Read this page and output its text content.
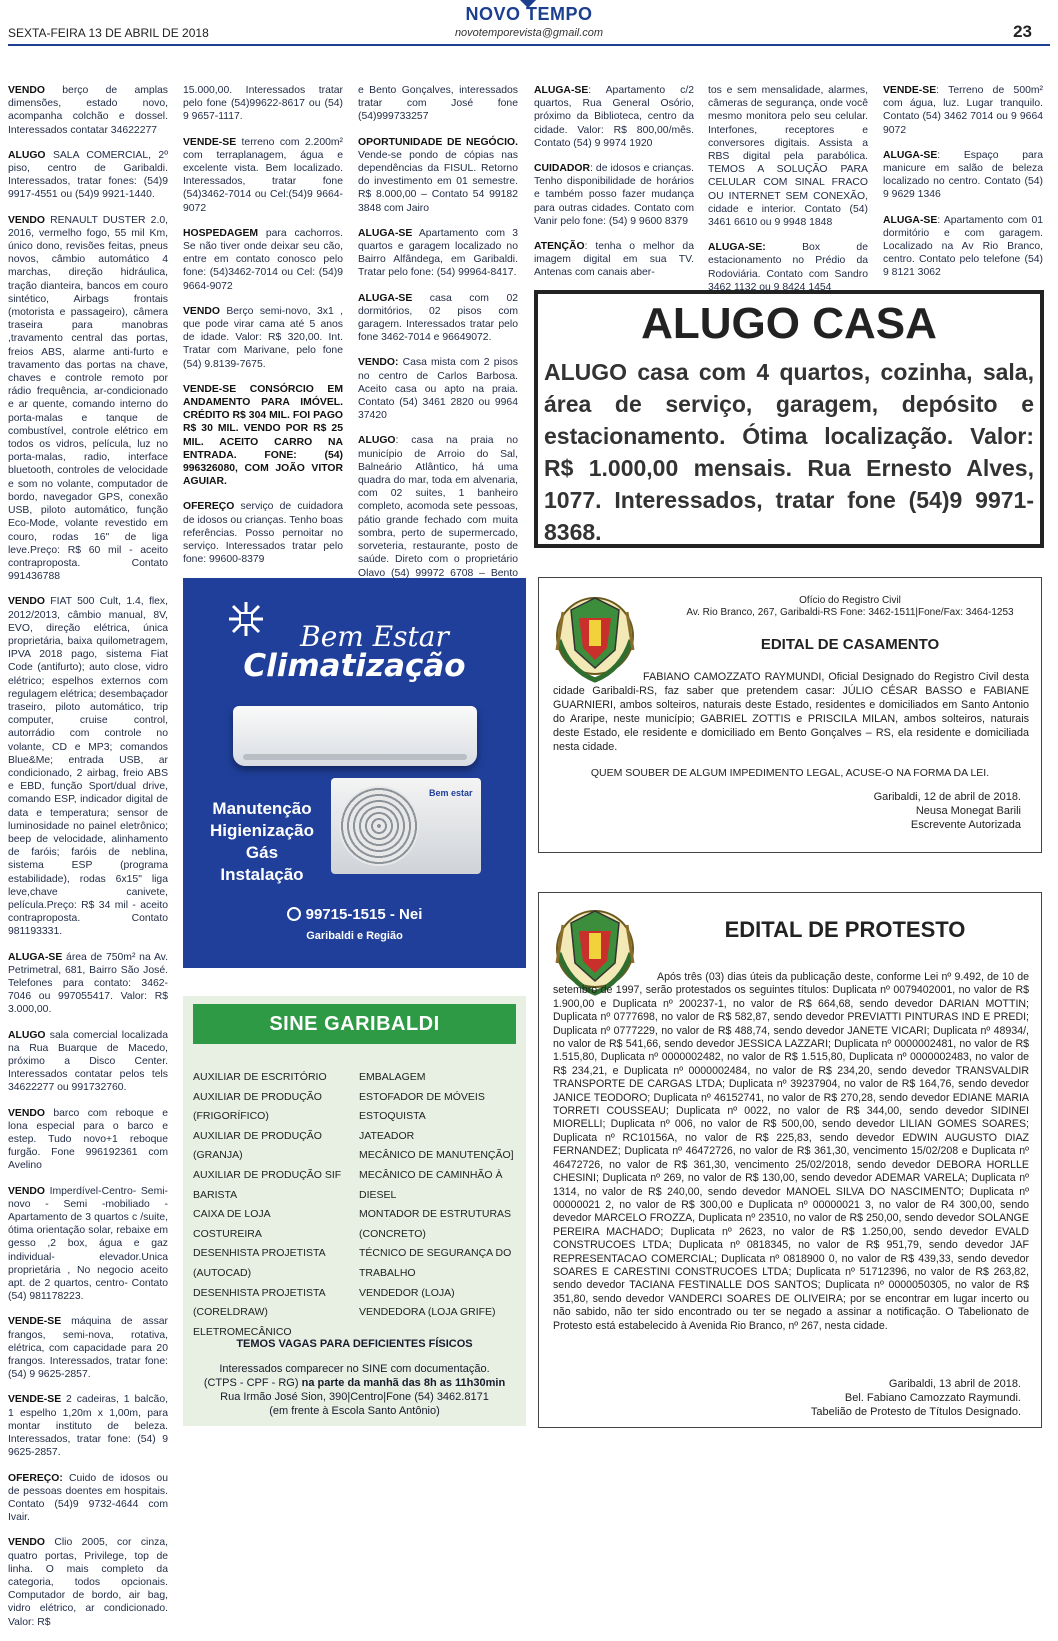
SEXTA-FEIRA 13 DE ABRIL DE 2018
NOVO TEMPO
novotemporevista@gmail.com	23

VENDO berço de amplas dimensões, estado novo, acompanha colchão e dossel. Interessados contatar 34622277

ALUGO SALA COMERCIAL, 2º piso, centro de Garibaldi. Interessados, tratar fones: (54)9 9917-4551 ou (54)9 9921-1440.

VENDO RENAULT DUSTER 2.0, 2016, vermelho fogo, 55 mil Km, único dono, revisões feitas, pneus novos, câmbio automático 4 marchas, direção hidráulica, tração dianteira, bancos em couro sintético, Airbags frontais (motorista e passageiro), câmera traseira para manobras ,travamento central das portas, freios ABS, alarme anti-furto e travamento das portas na chave, chaves e controle remoto por rádio frequência, ar-condicionado e ar quente, comando interno do porta-malas e tanque de combustível, controle elétrico em todos os vidros, película, luz no porta-malas, radio, interface bluetooth, controles de velocidade e som no volante, computador de bordo, navegador GPS, conexão USB, piloto automático, função Eco-Mode, volante revestido em couro, rodas 16" de liga leve.Preço: R$ 60 mil - aceito contraproposta. Contato 991436788

VENDO FIAT 500 Cult, 1.4, flex, 2012/2013, câmbio manual, 8V, EVO, direção elétrica, única proprietária, baixa quilometragem, IPVA 2018 pago, sistema Fiat Code (antifurto); auto close, vidro elétrico; espelhos externos com regulagem elétrica; desembaçador traseiro, piloto automático, trip computer, cruise control, autorrádio com controle no volante, CD e MP3; comandos Blue&Me; entrada USB, ar condicionado, 2 airbag, freio ABS e EBD, função Sport/dual drive, comando ESP, indicador digital de data e temperatura; sensor de luminosidade no painel eletrônico; beep de velocidade, alinhamento de faróis; faróis de neblina, sistema ESP (programa estabilidade), rodas 6x15" liga leve,chave canivete, película.Preço: R$ 34 mil - aceito contraproposta. Contato 981193331.

ALUGA-SE área de 750m² na Av. Petrimetral, 681, Bairro São José. Telefones para contato: 3462-7046 ou 997055417. Valor: R$ 3.000,00.

ALUGO sala comercial localizada na Rua Buarque de Macedo, próximo a Disco Center. Interessados contatar pelos tels 34622277 ou 991732760.

VENDO barco com reboque e lona especial para o barco e estep. Tudo novo+1 reboque furgão. Fone 996192361 com Avelino

VENDO Imperdível-Centro- Semi-novo - Semi -mobiliado -Apartamento de 3 quartos c /suite, ótima orientação solar, rebaixe em gesso ,2 box, água e gaz individual- elevador.Unica proprietária , No negocio aceito apt. de 2 quartos, centro- Contato (54) 981178223.

VENDE-SE máquina de assar frangos, semi-nova, rotativa, elétrica, com capacidade para 20 frangos. Interessados, tratar fone: (54) 9 9625-2857.

VENDE-SE 2 cadeiras, 1 balcão, 1 espelho 1,20m x 1,00m, para montar instituto de beleza. Interessados, tratar fone: (54) 9 9625-2857.

OFEREÇO: Cuido de idosos ou de pessoas doentes em hospitais. Contato (54)9 9732-4644 com Ivair.

VENDO Clio 2005, cor cinza, quatro portas, Privilege, top de linha. O mais completo da categoria, todos opcionais. Computador de bordo, air bag, vidro elétrico, ar condicionado. Valor: R$

15.000,00. Interessados tratar pelo fone (54)99622-8617 ou (54) 9 9657-1117.

VENDE-SE terreno com 2.200m² com terraplanagem, água e excelente vista. Bem localizado. Interessados, tratar fone (54)3462-7014 ou Cel:(54)9 9664-9072

HOSPEDAGEM para cachorros. Se não tiver onde deixar seu cão, entre em contato conosco pelo fone: (54)3462-7014 ou Cel: (54)9 9664-9072

VENDO Berço semi-novo, 3x1 , que pode virar cama até 5 anos de idade. Valor: R$ 320,00. Int. Tratar com Marivane, pelo fone (54) 9.8139-7675.

VENDE-SE CONSÓRCIO EM ANDAMENTO PARA IMÓVEL. CRÉDITO R$ 304 MIL. FOI PAGO R$ 30 MIL. VENDO POR R$ 25 MIL. ACEITO CARRO NA ENTRADA. FONE: (54) 996326080, COM JOÃO VITOR AGUIAR.

OFEREÇO serviço de cuidadora de idosos ou crianças. Tenho boas referências. Posso pernoitar no serviço. Interessados tratar pelo fone: 99600-8379

e Bento Gonçalves, interessados tratar com José fone (54)999733257

OPORTUNIDADE DE NEGÓCIO. Vende-se pondo de cópias nas dependências da FISUL. Retorno do investimento em 01 semestre. R$ 8.000,00 – Contato 54 99182 3848 com Jairo

ALUGA-SE Apartamento com 3 quartos e garagem localizado no Bairro Alfândega, em Garibaldi. Tratar pelo fone: (54) 99964-8417.

ALUGA-SE casa com 02 dormitórios, 02 pisos com garagem. Interessados tratar pelo fone 3462-7014 e 96649072.

VENDO: Casa mista com 2 pisos no centro de Carlos Barbosa. Aceito casa ou apto na praia. Contato (54) 3461 2820 ou 9964 37420

ALUGO: casa na praia no município de Arroio do Sal, Balneário Atlântico, há uma quadra do mar, toda em alvenaria, com 02 suites, 1 banheiro completo, acomoda sete pessoas, pátio grande fechado com muita sombra, perto de supermercado, sorveteria, restaurante, posto de saúde. Direto com o proprietário Olavo (54) 99972 6708 – Bento

ALUGA-SE: Apartamento c/2 quartos, Rua General Osório, próximo da Biblioteca, centro da cidade. Valor: R$ 800,00/mês. Contato (54) 9 9974 1920

CUIDADOR: de idosos e crianças. Tenho disponibilidade de horários e também posso fazer mudança para outras cidades. Contato com Vanir pelo fone: (54) 9 9600 8379

ATENÇÃO: tenha o melhor da imagem digital em sua TV. Antenas com canais aber-

tos e sem mensalidade, alarmes, câmeras de segurança, onde você mesmo monitora pelo seu celular. Interfones, receptores e conversores digitais. Assista a RBS digital pela parabólica. TEMOS A SOLUÇÃO PARA CELULAR COM SINAL FRACO OU INTERNET SEM CONEXÃO, cidade e interior. Contato (54) 3461 6610 ou 9 9948 1848

ALUGA-SE: Box de estacionamento no Prédio da Rodoviária. Contato com Sandro 3462 1132 ou 9 8424 1454

VENDE-SE: Terreno de 500m² com água, luz. Lugar tranquilo. Contato (54) 3462 7014 ou 9 9664 9072

ALUGA-SE: Espaço para manicure em salão de beleza localizado no centro. Contato (54) 9 9629 1346

ALUGA-SE: Apartamento com 01 dormitório e com garagem. Localizado na Av Rio Branco, centro. Contato pelo telefone (54) 9 8121 3062

ALUGO CASA
ALUGO casa com 4 quartos, cozinha, sala, área de serviço, garagem, depósito e estacionamento. Ótima localização. Valor: R$ 1.000,00 mensais. Rua Ernesto Alves, 1077. Interessados, tratar fone (54)9 9971-8368.
Ofício do Registro Civil
Av. Rio Branco, 267, Garibaldi-RS Fone: 3462-1511|Fone/Fax: 3464-1253
EDITAL DE CASAMENTO
FABIANO CAMOZZATO RAYMUNDI, Oficial Designado do Registro Civil desta cidade Garibaldi-RS, faz saber que pretendem casar: JÚLIO CÉSAR BASSO e FABIANE GUARNIERI, ambos solteiros, naturais deste Estado, residentes e domiciliados em Santo Antonio do Araripe, neste município; GABRIEL ZOTTIS e PRISCILA MILAN, ambos solteiros, naturais deste Estado, ele residente e domiciliado em Bento Gonçalves – RS, ela residente e domiciliada nesta cidade.
QUEM SOUBER DE ALGUM IMPEDIMENTO LEGAL, ACUSE-O NA FORMA DA LEI.
Garibaldi, 12 de abril de 2018.
Neusa Monegat Barili
Escrevente Autorizada
EDITAL DE PROTESTO
Após três (03) dias úteis da publicação deste, conforme Lei nº 9.492, de 10 de setembro de 1997, serão protestados os seguintes títulos: Duplicata nº 0079402001, no valor de R$ 1.900,00 e Duplicata nº 200237-1, no valor de R$ 664,68, sendo devedor DARIAN MOTTIN; Duplicata nº 0777698, no valor de R$ 582,87, sendo devedor PREVIATTI PINTURAS IND E PREDI; Duplicata nº 0777229, no valor de R$ 488,74, sendo devedor JANETE VICARI; Duplicata nº 48934/, no valor de R$ 541,66, sendo devedor JESSICA LAZZARI; Duplicata nº 0000002481, no valor de R$ 1.515,80, Duplicata nº 0000002482, no valor de R$ 1.515,80, Duplicata nº 0000002483, no valor de R$ 234,21, e Duplicata nº 0000002484, no valor de R$ 234,20, sendo devedor TRANSVALDIR TRANSPORTE DE CARGAS LTDA; Duplicata nº 39237904, no valor de R$ 164,76, sendo devedor JANICE TEODORO; Duplicata nº 46152741, no valor de R$ 270,28, sendo devedor EDIANE MARIA TORRETI COUSSEAU; Duplicata nº 0022, no valor de R$ 344,00, sendo devedor SIDINEI MIORELLI; Duplicata nº 006, no valor de R$ 500,00, sendo devedor LILIAN GOMES SOARES; Duplicata nº RC10156A, no valor de R$ 225,83, sendo devedor EDWIN AUGUSTO DIAZ FERNANDEZ; Duplicata nº 46472726, no valor de R$ 361,30, vencimento 15/02/208 e Duplicata nº 46472726, no valor de R$ 361,30, vencimento 25/02/2018, sendo devedor DEBORA HORLLE CHESINI; Duplicata nº 269, no valor de R$ 130,00, sendo devedor ADEMAR VARELA; Duplicata nº 1314, no valor de R$ 240,00, sendo devedor MANOEL SILVA DO NASCIMENTO; Duplicata nº 00000021 2, no valor de R$ 300,00 e Duplicata nº 00000021 3, no valor de R4 300,00, sendo devedor MARCELO FROZZA, Duplicata nº 23510, no valor de R$ 250,00, sendo devedor SOLANGE PEREIRA MACHADO; Duplicata nº 2623, no valor de R$ 1.250,00, sendo devedor EVALD CONSTRUCOES LTDA; Duplicata nº 0818345, no valor de R$ 951,79, sendo devedor JAF REPRESENTACAO COMERCIAL; Duplicata nº 0818900 0, no valor de R$ 439,33, sendo devedor SOARES E CARESTINI CONSTRUCOES LTDA; Duplicata nº 51712396, no valor de R$ 263,82, sendo devedor TACIANA FESTINALLE DOS SANTOS; Duplicata nº 0000050305, no valor de R$ 351,80, sendo devedor VANDERCI SOARES DE OLIVEIRA; por se encontrar em lugar incerto ou não sabido, não ter sido encontrado ou ter se negado a assinar a notificação. O Tabelionato de Protesto está estabelecido à Avenida Rio Branco, nº 267, nesta cidade.
Garibaldi, 13 abril de 2018.
Bel. Fabiano Camozzato Raymundi.
Tabelião de Protesto de Títulos Designado.
Bem Estar
Climatização
Bem estar
Manutenção
Higienização
Gás
Instalação
99715-1515 - Nei
Garibaldi e Região
SINE GARIBALDI
AUXILIAR DE ESCRITÓRIO
AUXILIAR DE PRODUÇÃO
(FRIGORÍFICO)
AUXILIAR DE PRODUÇÃO (GRANJA)
AUXILIAR DE PRODUÇÃO SIF
BARISTA
CAIXA DE LOJA
COSTUREIRA
DESENHISTA PROJETISTA
(AUTOCAD)
DESENHISTA PROJETISTA
(CORELDRAW)
ELETROMECÂNICO
EMBALAGEM
ESTOFADOR DE MÓVEIS
ESTOQUISTA
JATEADOR
MECÂNICO DE MANUTENÇÃO]
MECÂNICO DE CAMINHÃO À
DIESEL
MONTADOR DE ESTRUTURAS
(CONCRETO)
TÉCNICO DE SEGURANÇA DO
TRABALHO
VENDEDOR (LOJA)
VENDEDORA (LOJA GRIFE)
TEMOS VAGAS PARA DEFICIENTES FÍSICOS
Interessados comparecer no SINE com documentação.
(CTPS - CPF - RG) na parte da manhã das 8h as 11h30min
Rua Irmão José Sion, 390|Centro|Fone (54) 3462.8171
(em frente à Escola Santo Antônio)
